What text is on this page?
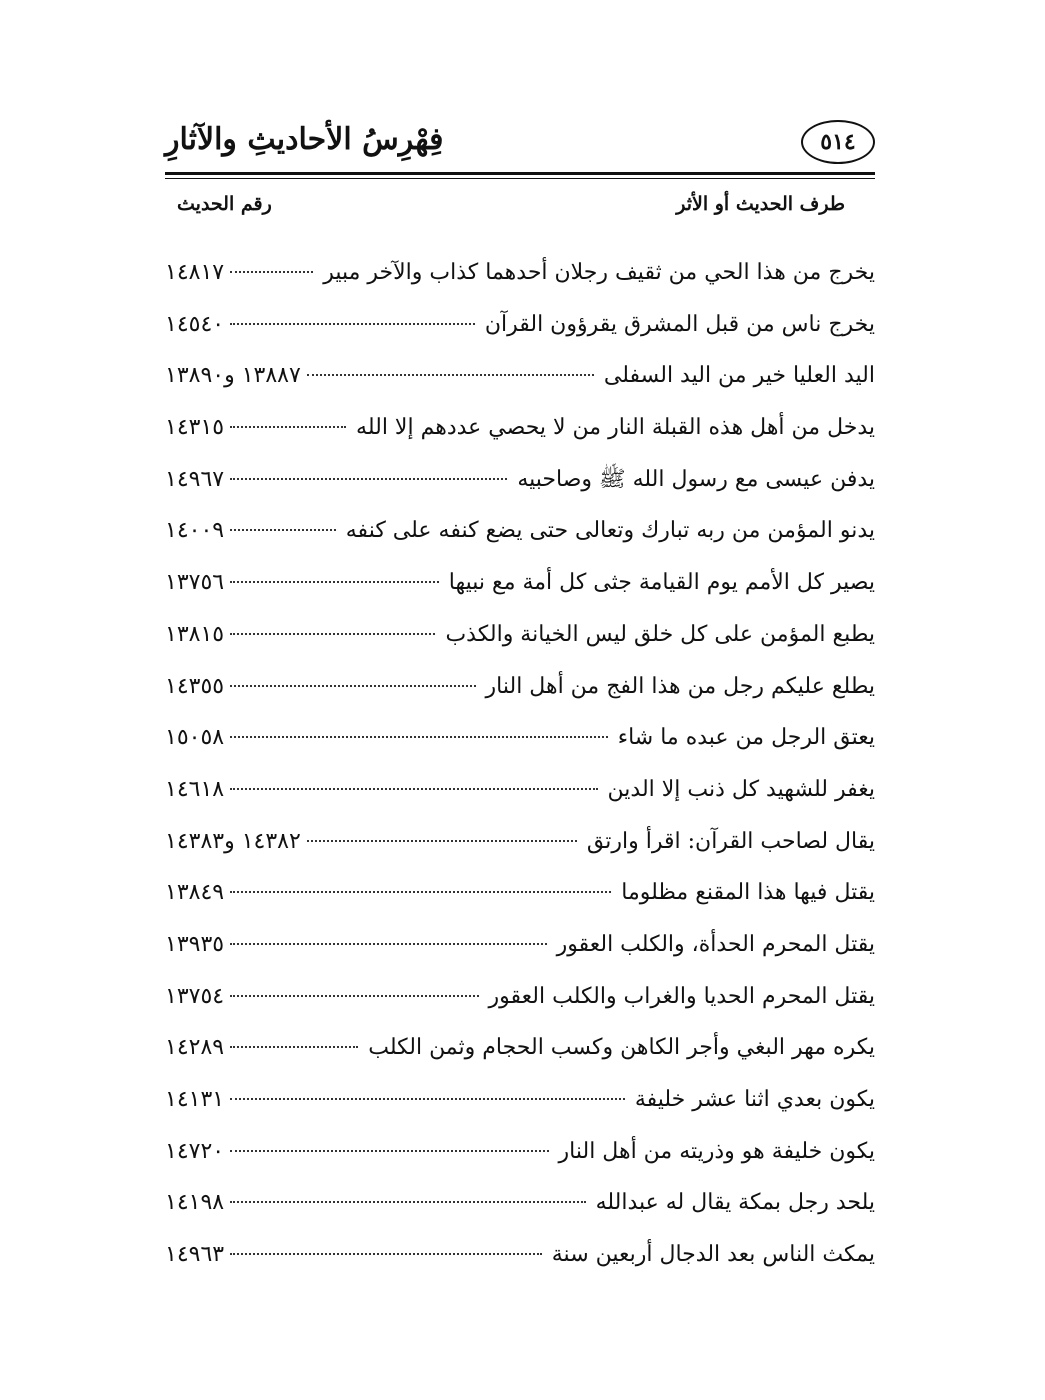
٥١٤
فِهْرِسُ الأحاديثِ والآثارِ
طرف الحديث أو الأثر
رقم الحديث
يخرج من هذا الحي من ثقيف رجلان أحدهما كذاب والآخر مبير
١٤٨١٧
يخرج ناس من قبل المشرق يقرؤون القرآن
١٤٥٤٠
اليد العليا خير من اليد السفلى
١٣٨٨٧ و١٣٨٩٠
يدخل من أهل هذه القبلة النار من لا يحصي عددهم إلا الله
١٤٣١٥
يدفن عيسى مع رسول الله ﷺ وصاحبيه
١٤٩٦٧
يدنو المؤمن من ربه تبارك وتعالى حتى يضع كنفه على كنفه
١٤٠٠٩
يصير كل الأمم يوم القيامة جثى كل أمة مع نبيها
١٣٧٥٦
يطبع المؤمن على كل خلق ليس الخيانة والكذب
١٣٨١٥
يطلع عليكم رجل من هذا الفج من أهل النار
١٤٣٥٥
يعتق الرجل من عبده ما شاء
١٥٠٥٨
يغفر للشهيد كل ذنب إلا الدين
١٤٦١٨
يقال لصاحب القرآن: اقرأ وارتق
١٤٣٨٢ و١٤٣٨٣
يقتل فيها هذا المقنع مظلوما
١٣٨٤٩
يقتل المحرم الحدأة، والكلب العقور
١٣٩٣٥
يقتل المحرم الحديا والغراب والكلب العقور
١٣٧٥٤
يكره مهر البغي وأجر الكاهن وكسب الحجام وثمن الكلب
١٤٢٨٩
يكون بعدي اثنا عشر خليفة
١٤١٣١
يكون خليفة هو وذريته من أهل النار
١٤٧٢٠
يلحد رجل بمكة يقال له عبدالله
١٤١٩٨
يمكث الناس بعد الدجال أربعين سنة
١٤٩٦٣
